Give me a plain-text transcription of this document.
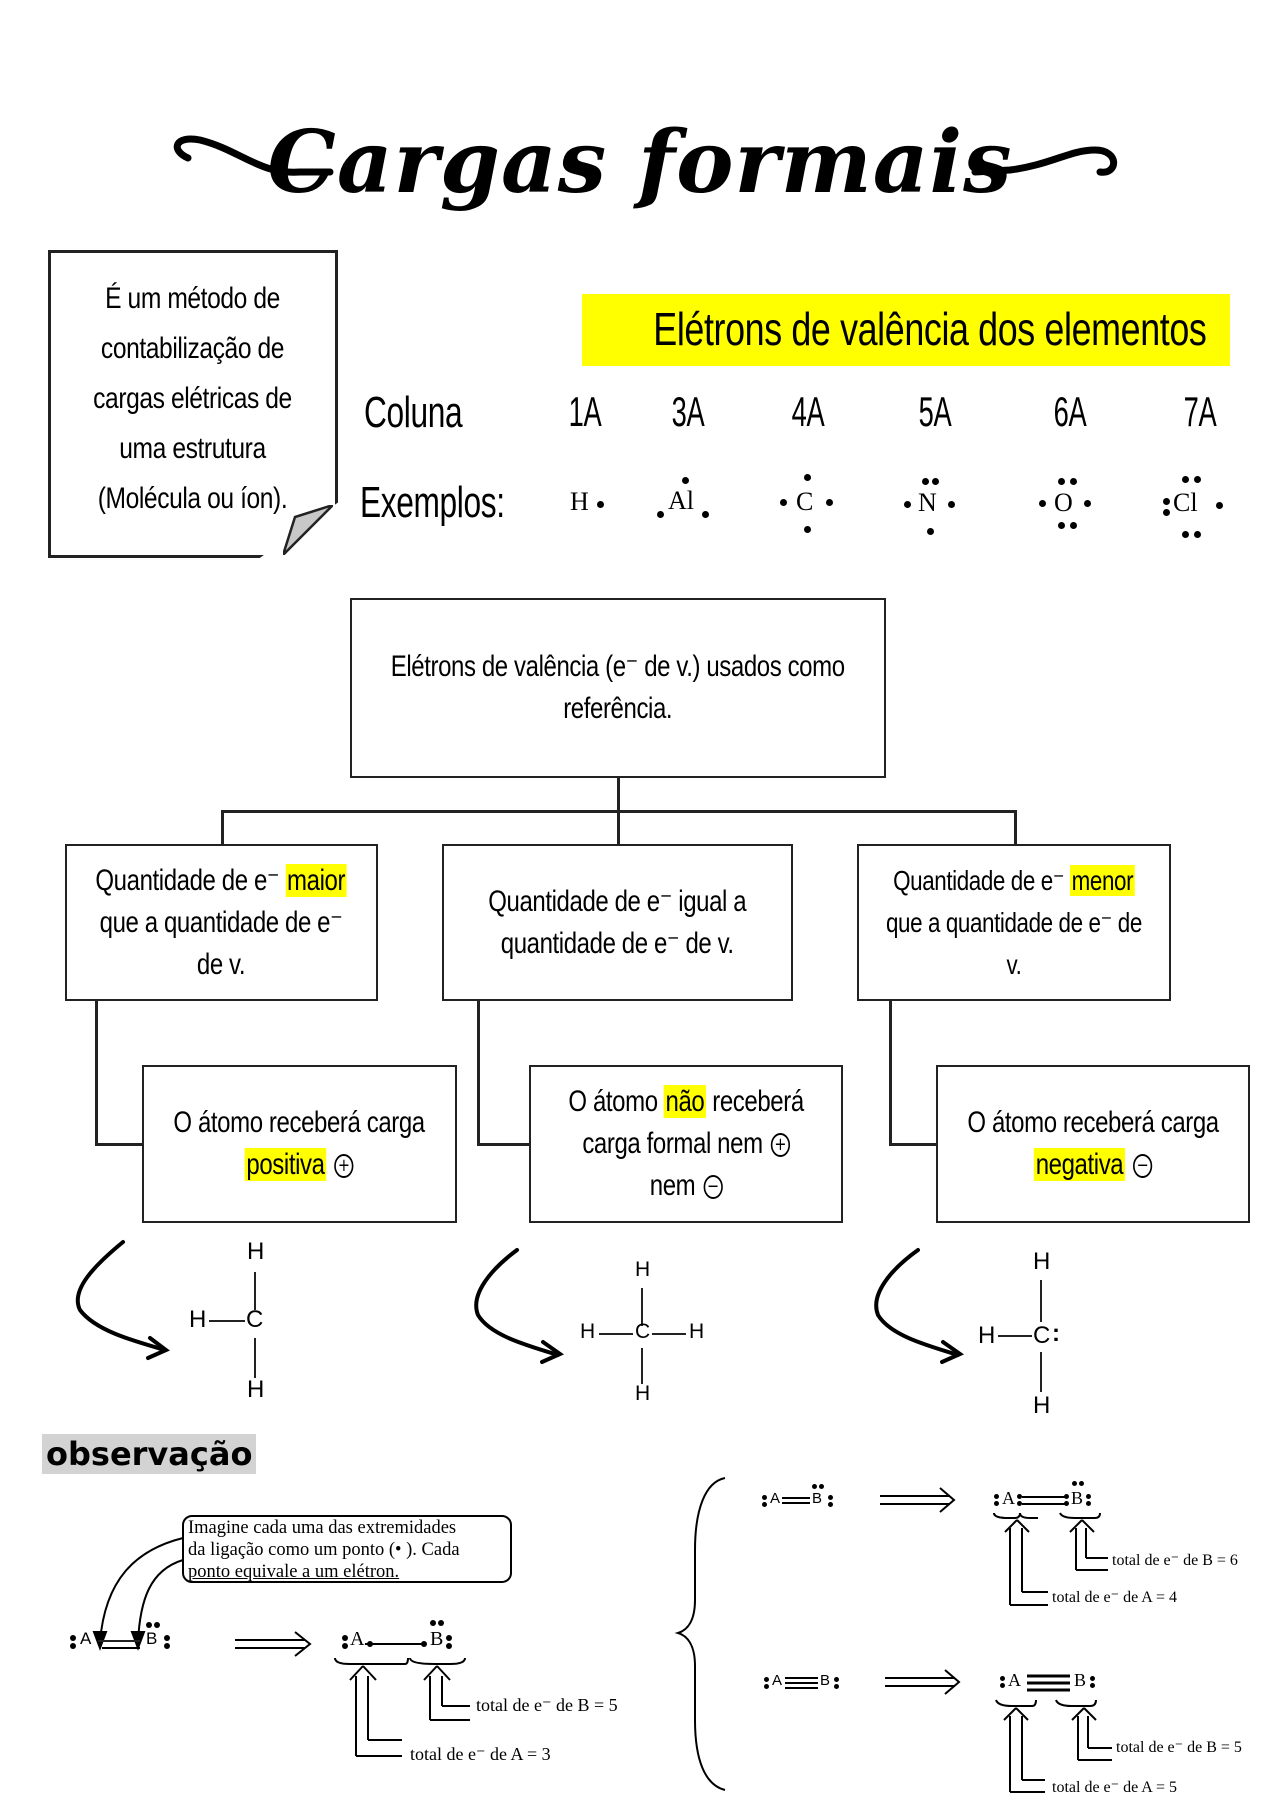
Cargas formais
É um método de
contabilização de
cargas elétricas de
uma estrutura
(Molécula ou íon).
Elétrons de valência dos elementos
Coluna
Exemplos:
1A 3A 4A 5A 6A 7A
H	Al	C	N	O	Cl
Elétrons de valência (e⁻ de v.) usados como
referência.
Quantidade de e⁻ maior
que a quantidade de e⁻
de v.
Quantidade de e⁻ igual a
quantidade de e⁻ de v.
Quantidade de e⁻ menor
que a quantidade de e⁻ de
v.
O átomo receberá carga
positiva +
O átomo não receberá
carga formal nem +
nem −
O átomo receberá carga
negativa −
H
H C
H
H
H C H
H
H
H C :
H
observação
Imagine cada uma das extremidades
da ligação como um ponto (• ). Cada
ponto equivale a um elétron.
A	B	A	B
total de e⁻ de B = 5
total de e⁻ de A = 3
A B	A	B
total de e⁻ de B = 6
total de e⁻ de A = 4
A	B	A	B
total de e⁻ de B = 5
total de e⁻ de A = 5
